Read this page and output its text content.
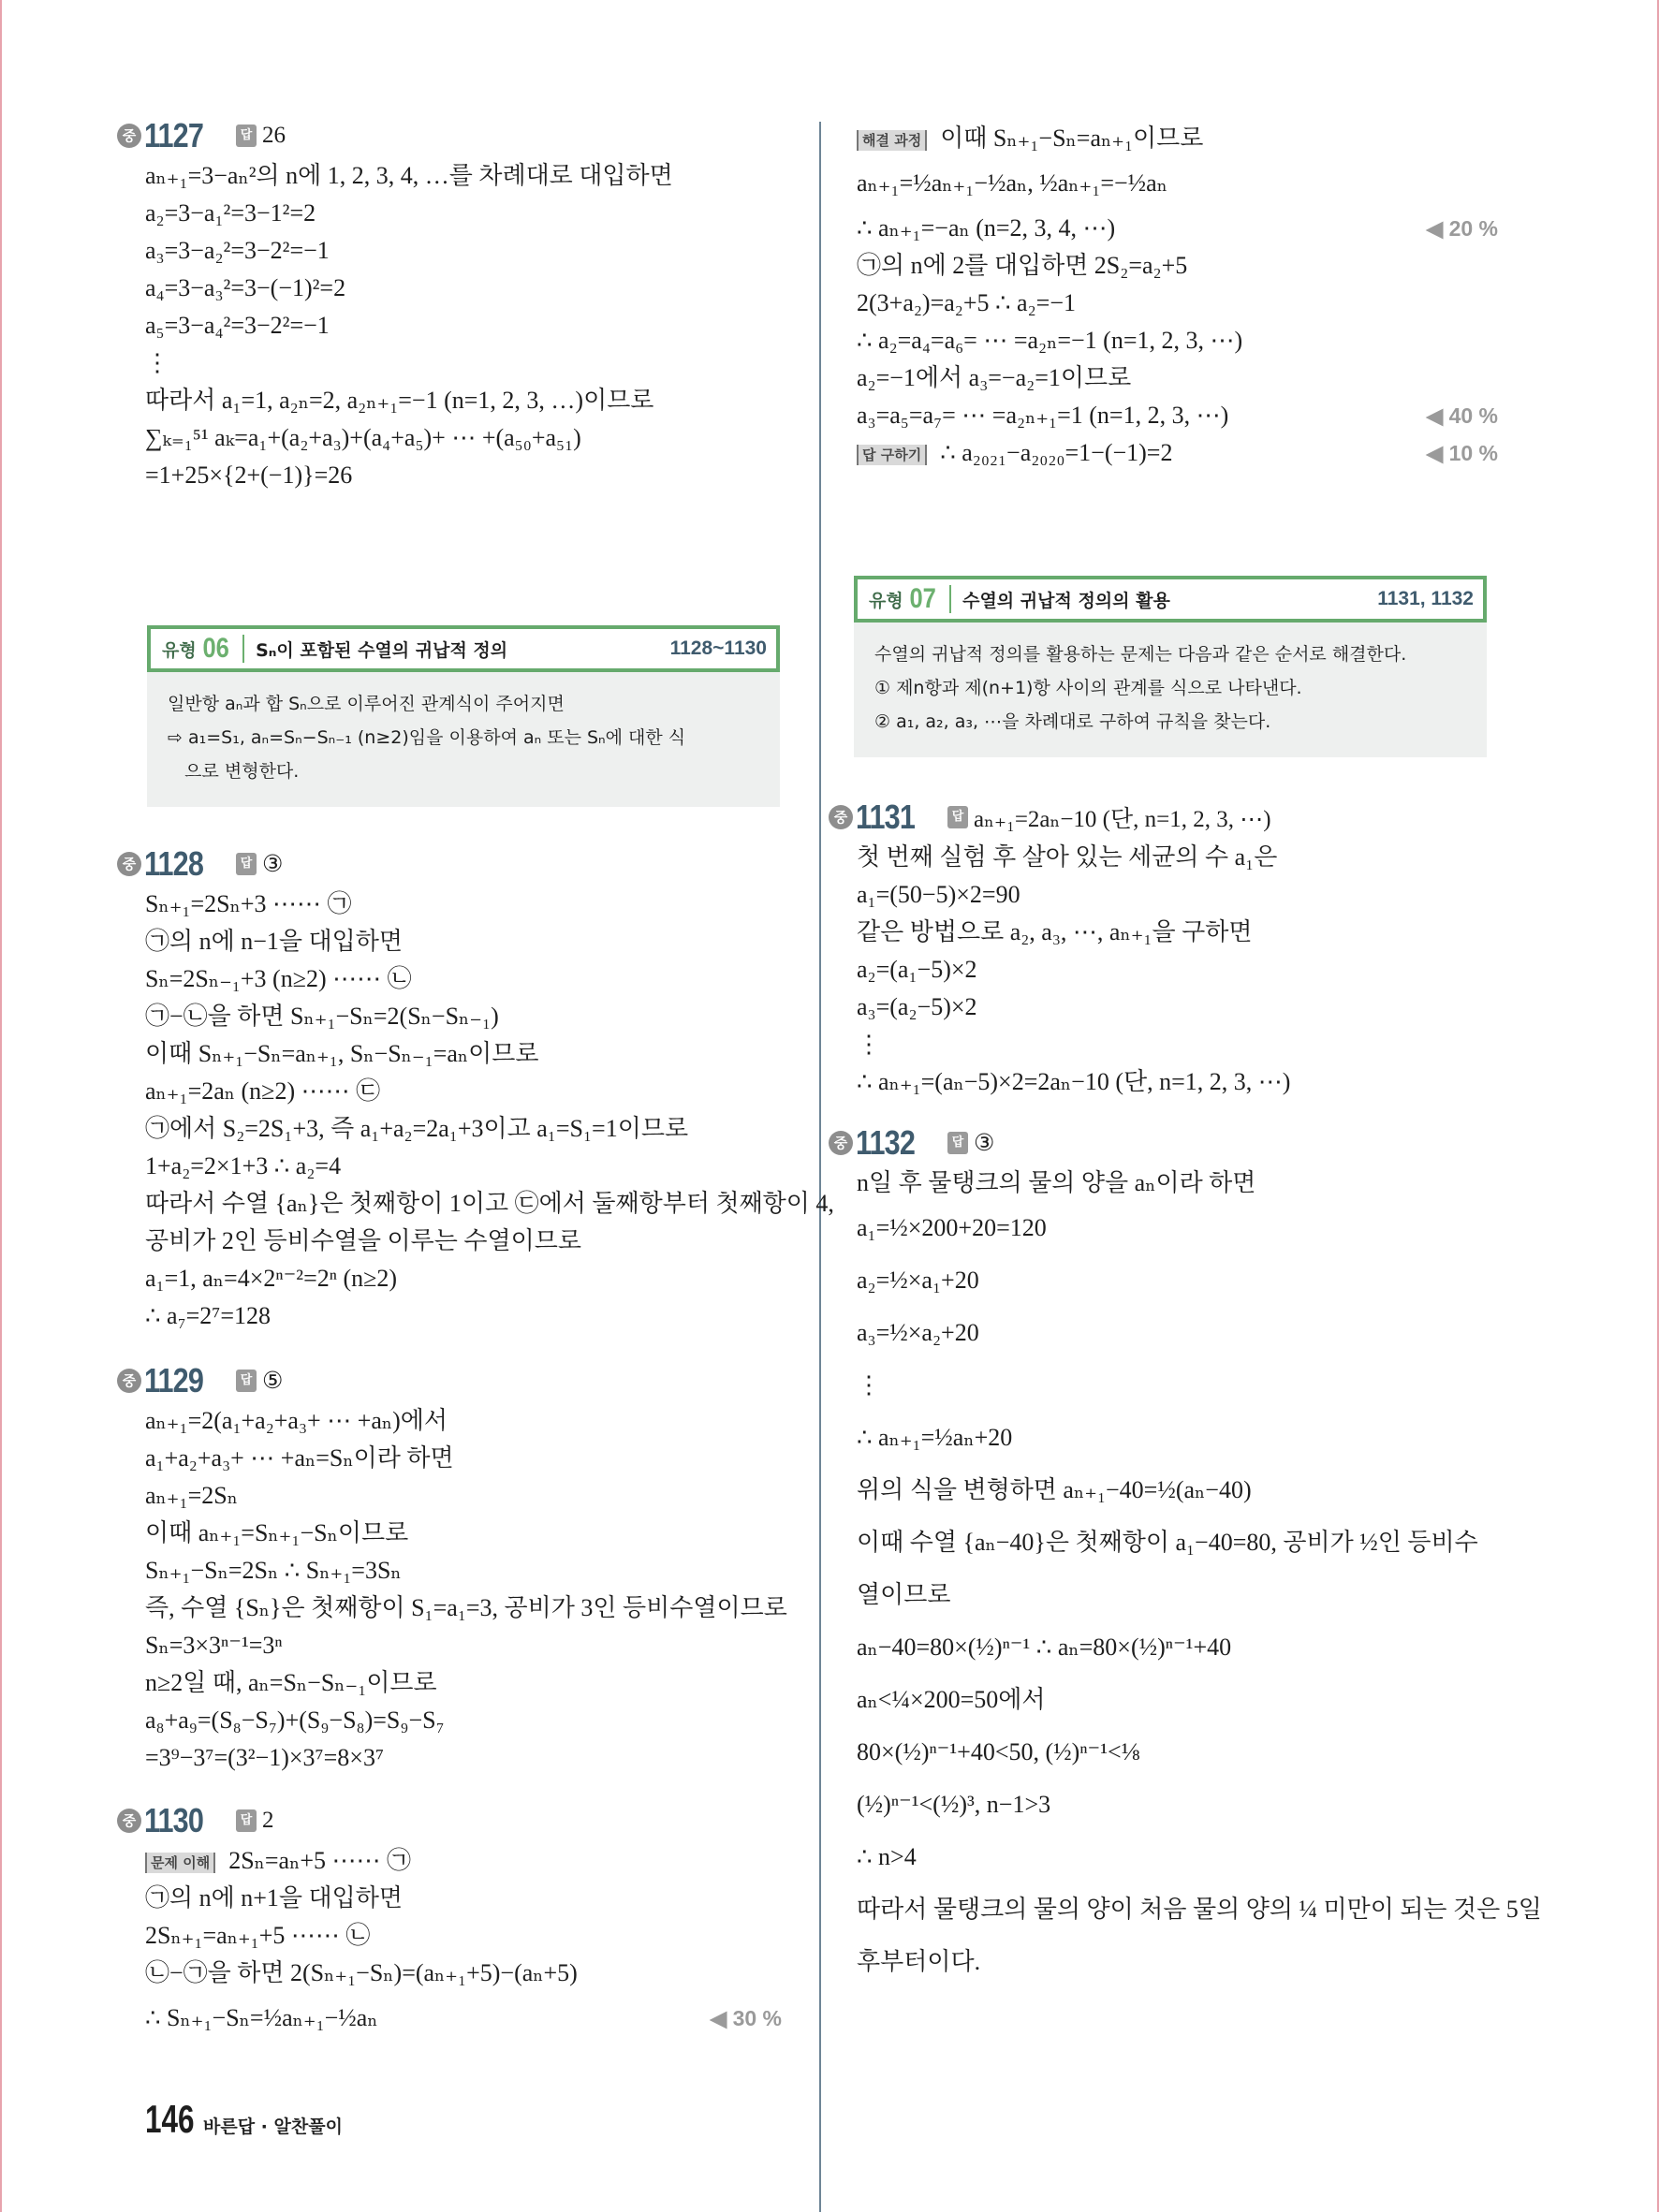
중 1127	답 26
aₙ₊₁=3−aₙ²의 n에 1, 2, 3, 4, …를 차례대로 대입하면
a₂=3−a₁²=3−1²=2
a₃=3−a₂²=3−2²=−1
a₄=3−a₃²=3−(−1)²=2
a₅=3−a₄²=3−2²=−1
⋮
따라서 a₁=1, a₂ₙ=2, a₂ₙ₊₁=−1 (n=1, 2, 3, …)이므로
∑ₖ₌₁⁵¹ aₖ=a₁+(a₂+a₃)+(a₄+a₅)+ ⋯ +(a₅₀+a₅₁)
=1+25×{2+(−1)}=26
유형 06 Sₙ이 포함된 수열의 귀납적 정의	1128~1130
일반항 aₙ과 합 Sₙ으로 이루어진 관계식이 주어지면
⇨ a₁=S₁, aₙ=Sₙ−Sₙ₋₁ (n≥2)임을 이용하여 aₙ 또는 Sₙ에 대한 식
으로 변형한다.
중 1128	답 ③
Sₙ₊₁=2Sₙ+3 ⋯⋯ ㉠
㉠의 n에 n−1을 대입하면
Sₙ=2Sₙ₋₁+3 (n≥2) ⋯⋯ ㉡
㉠−㉡을 하면 Sₙ₊₁−Sₙ=2(Sₙ−Sₙ₋₁)
이때 Sₙ₊₁−Sₙ=aₙ₊₁, Sₙ−Sₙ₋₁=aₙ이므로
aₙ₊₁=2aₙ (n≥2) ⋯⋯ ㉢
㉠에서 S₂=2S₁+3, 즉 a₁+a₂=2a₁+3이고 a₁=S₁=1이므로
1+a₂=2×1+3 ∴ a₂=4
따라서 수열 {aₙ}은 첫째항이 1이고 ㉢에서 둘째항부터 첫째항이 4,
공비가 2인 등비수열을 이루는 수열이므로
a₁=1, aₙ=4×2ⁿ⁻²=2ⁿ (n≥2)
∴ a₇=2⁷=128
중 1129	답 ⑤
aₙ₊₁=2(a₁+a₂+a₃+ ⋯ +aₙ)에서
a₁+a₂+a₃+ ⋯ +aₙ=Sₙ이라 하면
aₙ₊₁=2Sₙ
이때 aₙ₊₁=Sₙ₊₁−Sₙ이므로
Sₙ₊₁−Sₙ=2Sₙ ∴ Sₙ₊₁=3Sₙ
즉, 수열 {Sₙ}은 첫째항이 S₁=a₁=3, 공비가 3인 등비수열이므로
Sₙ=3×3ⁿ⁻¹=3ⁿ
n≥2일 때, aₙ=Sₙ−Sₙ₋₁이므로
a₈+a₉=(S₈−S₇)+(S₉−S₈)=S₉−S₇
=3⁹−3⁷=(3²−1)×3⁷=8×3⁷
중 1130	답 2
문제 이해 2Sₙ=aₙ+5 ⋯⋯ ㉠
㉠의 n에 n+1을 대입하면
2Sₙ₊₁=aₙ₊₁+5 ⋯⋯ ㉡
㉡−㉠을 하면 2(Sₙ₊₁−Sₙ)=(aₙ₊₁+5)−(aₙ+5)
∴ Sₙ₊₁−Sₙ=½aₙ₊₁−½aₙ	◀ 30 %
해결 과정 이때 Sₙ₊₁−Sₙ=aₙ₊₁이므로
aₙ₊₁=½aₙ₊₁−½aₙ, ½aₙ₊₁=−½aₙ
∴ aₙ₊₁=−aₙ (n=2, 3, 4, ⋯)	◀ 20 %
㉠의 n에 2를 대입하면 2S₂=a₂+5
2(3+a₂)=a₂+5 ∴ a₂=−1
∴ a₂=a₄=a₆= ⋯ =a₂ₙ=−1 (n=1, 2, 3, ⋯)
a₂=−1에서 a₃=−a₂=1이므로
a₃=a₅=a₇= ⋯ =a₂ₙ₊₁=1 (n=1, 2, 3, ⋯)	◀ 40 %
답 구하기 ∴ a₂₀₂₁−a₂₀₂₀=1−(−1)=2	◀ 10 %
유형 07 수열의 귀납적 정의의 활용	1131, 1132
수열의 귀납적 정의를 활용하는 문제는 다음과 같은 순서로 해결한다.
① 제n항과 제(n+1)항 사이의 관계를 식으로 나타낸다.
② a₁, a₂, a₃, ⋯을 차례대로 구하여 규칙을 찾는다.
중 1131	답 aₙ₊₁=2aₙ−10 (단, n=1, 2, 3, ⋯)
첫 번째 실험 후 살아 있는 세균의 수 a₁은
a₁=(50−5)×2=90
같은 방법으로 a₂, a₃, ⋯, aₙ₊₁을 구하면
a₂=(a₁−5)×2
a₃=(a₂−5)×2
⋮
∴ aₙ₊₁=(aₙ−5)×2=2aₙ−10 (단, n=1, 2, 3, ⋯)
중 1132	답 ③
n일 후 물탱크의 물의 양을 aₙ이라 하면
a₁=½×200+20=120
a₂=½×a₁+20
a₃=½×a₂+20
⋮
∴ aₙ₊₁=½aₙ+20
위의 식을 변형하면 aₙ₊₁−40=½(aₙ−40)
이때 수열 {aₙ−40}은 첫째항이 a₁−40=80, 공비가 ½인 등비수
열이므로
aₙ−40=80×(½)ⁿ⁻¹ ∴ aₙ=80×(½)ⁿ⁻¹+40
aₙ<¼×200=50에서
80×(½)ⁿ⁻¹+40<50, (½)ⁿ⁻¹<⅛
(½)ⁿ⁻¹<(½)³, n−1>3
∴ n>4
따라서 물탱크의 물의 양이 처음 물의 양의 ¼ 미만이 되는 것은 5일
후부터이다.
146 바른답 · 알찬풀이
